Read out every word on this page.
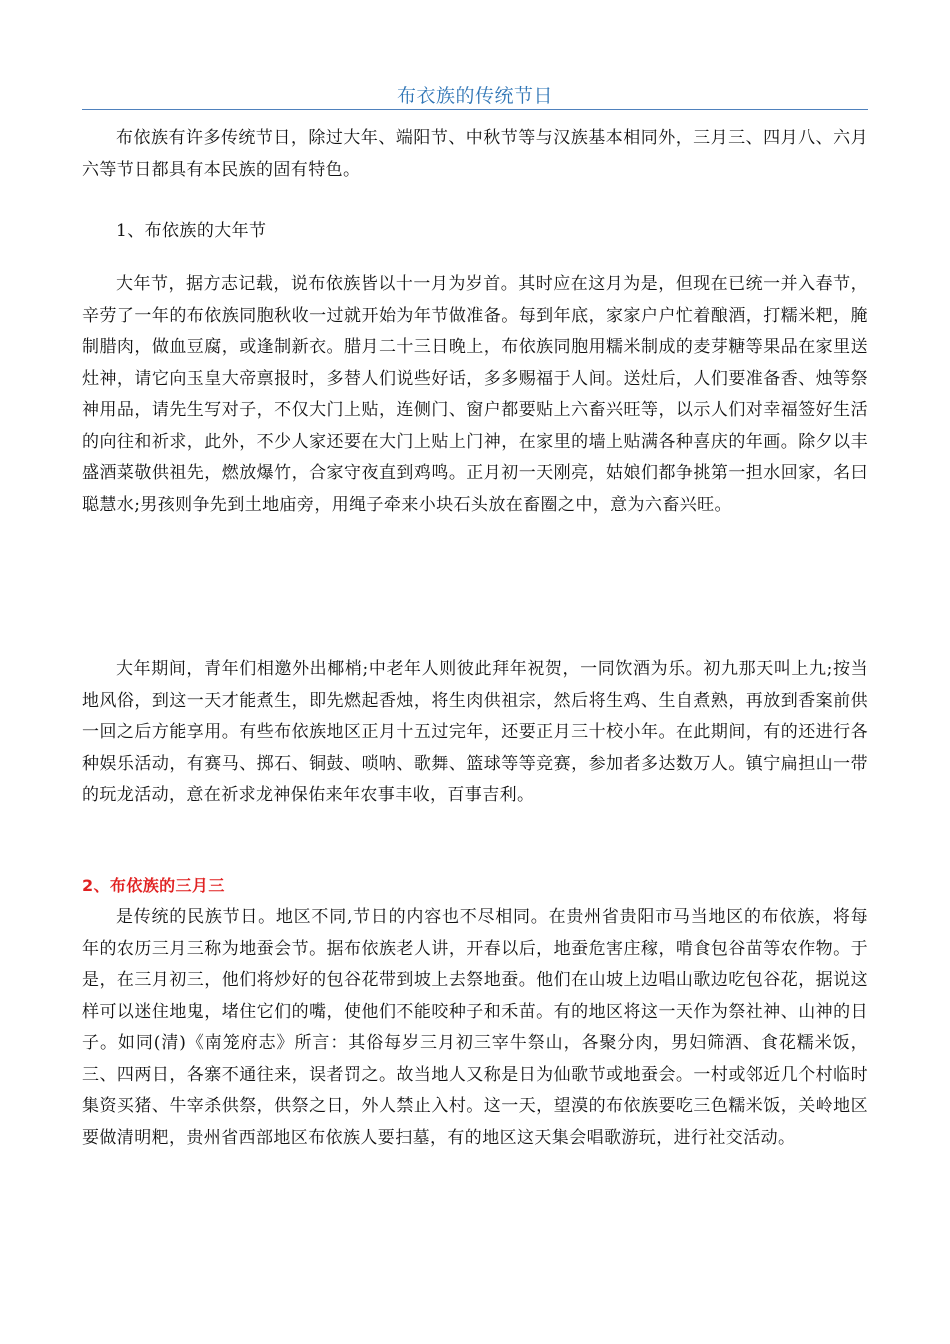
布衣族的传统节日

布依族有许多传统节日，除过大年、端阳节、中秋节等与汉族基本相同外，三月三、四月八、六月六等节日都具有本民族的固有特色。

1、布依族的大年节

大年节，据方志记载，说布依族皆以十一月为岁首。其时应在这月为是，但现在已统一并入春节，辛劳了一年的布依族同胞秋收一过就开始为年节做准备。每到年底，家家户户忙着酿酒，打糯米粑，腌制腊肉，做血豆腐，或逢制新衣。腊月二十三日晚上，布依族同胞用糯米制成的麦芽糖等果品在家里送灶神，请它向玉皇大帝禀报时，多替人们说些好话，多多赐福于人间。送灶后，人们要准备香、烛等祭神用品，请先生写对子，不仅大门上贴，连侧门、窗户都要贴上六畜兴旺等，以示人们对幸福签好生活的向往和祈求，此外，不少人家还要在大门上贴上门神，在家里的墙上贴满各种喜庆的年画。除夕以丰盛酒菜敬供祖先，燃放爆竹，合家守夜直到鸡鸣。正月初一天刚亮，姑娘们都争挑第一担水回家，名曰聪慧水;男孩则争先到土地庙旁，用绳子牵来小块石头放在畜圈之中，意为六畜兴旺。

大年期间，青年们相邀外出椰梢;中老年人则彼此拜年祝贺，一同饮酒为乐。初九那天叫上九;按当地风俗，到这一天才能煮生，即先燃起香烛，将生肉供祖宗，然后将生鸡、生自煮熟，再放到香案前供一回之后方能享用。有些布依族地区正月十五过完年，还要正月三十校小年。在此期间，有的还进行各种娱乐活动，有赛马、掷石、铜鼓、唢呐、歌舞、篮球等等竞赛，参加者多达数万人。镇宁扁担山一带的玩龙活动，意在祈求龙神保佑来年农事丰收，百事吉利。

2、布依族的三月三

是传统的民族节日。地区不同,节日的内容也不尽相同。在贵州省贵阳市马当地区的布依族，将每年的农历三月三称为地蚕会节。据布依族老人讲，开春以后，地蚕危害庄稼，啃食包谷苗等农作物。于是，在三月初三，他们将炒好的包谷花带到坡上去祭地蚕。他们在山坡上边唱山歌边吃包谷花，据说这样可以迷住地鬼，堵住它们的嘴，使他们不能咬种子和禾苗。有的地区将这一天作为祭社神、山神的日子。如同(清)《南笼府志》所言：其俗每岁三月初三宰牛祭山，各聚分肉，男妇筛酒、食花糯米饭，三、四两日，各寨不通往来，误者罚之。故当地人又称是日为仙歌节或地蚕会。一村或邻近几个村临时集资买猪、牛宰杀供祭，供祭之日，外人禁止入村。这一天，望漠的布依族要吃三色糯米饭，关岭地区要做清明粑，贵州省西部地区布依族人要扫墓，有的地区这天集会唱歌游玩，进行社交活动。
